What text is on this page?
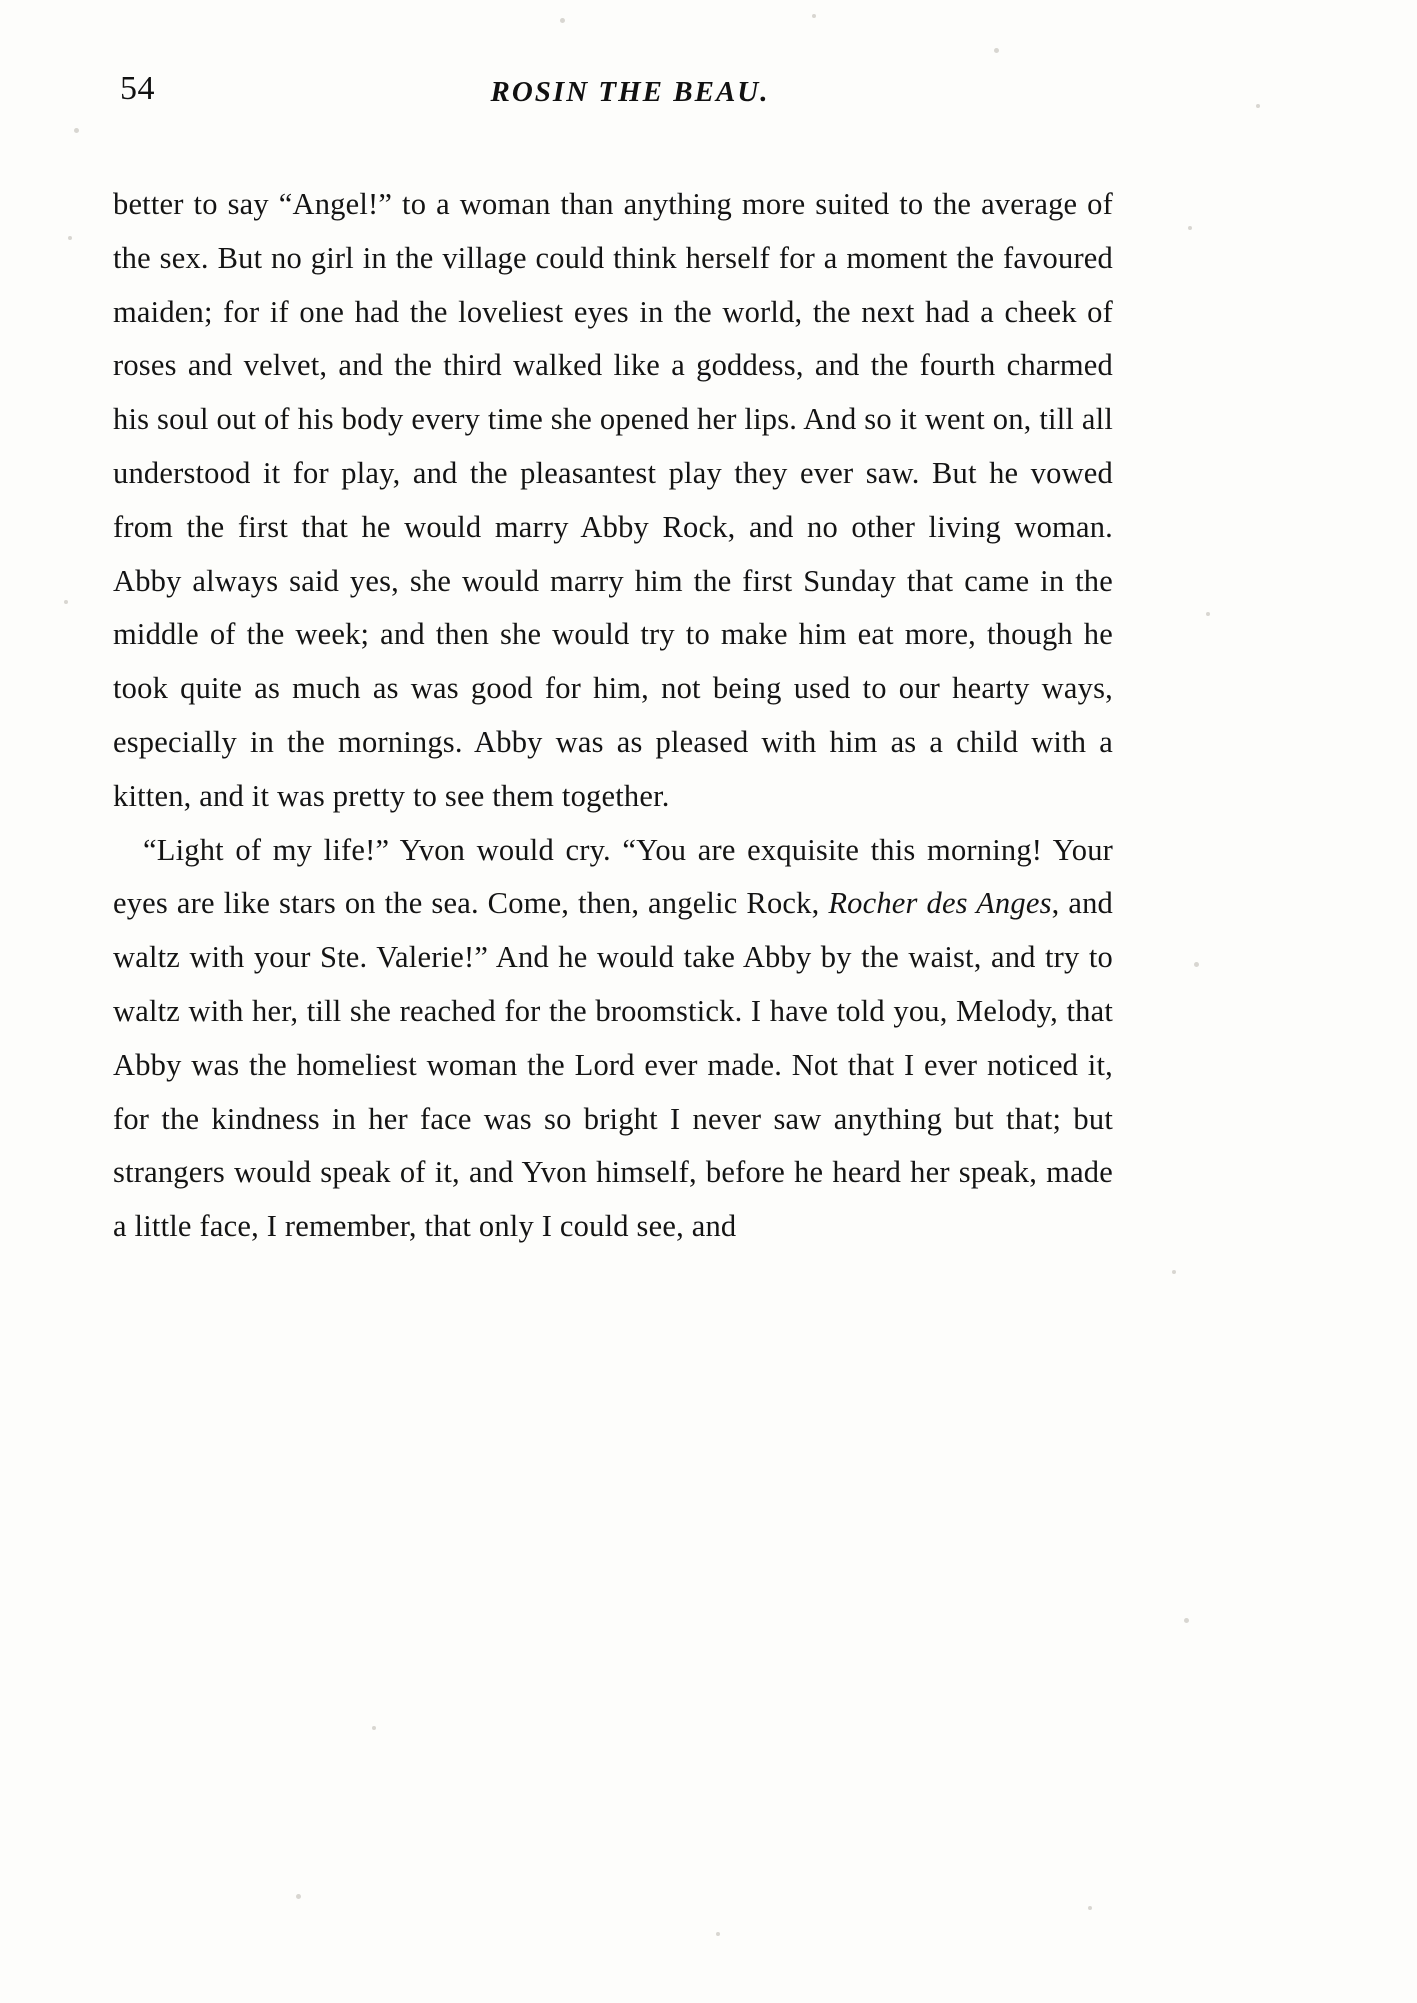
54	ROSIN THE BEAU.

better to say “Angel!” to a woman than anything more suited to the average of the sex. But no girl in the village could think herself for a moment the favoured maiden; for if one had the loveliest eyes in the world, the next had a cheek of roses and velvet, and the third walked like a goddess, and the fourth charmed his soul out of his body every time she opened her lips. And so it went on, till all understood it for play, and the pleasantest play they ever saw. But he vowed from the first that he would marry Abby Rock, and no other living woman. Abby always said yes, she would marry him the first Sunday that came in the middle of the week; and then she would try to make him eat more, though he took quite as much as was good for him, not being used to our hearty ways, especially in the mornings. Abby was as pleased with him as a child with a kitten, and it was pretty to see them together.

“Light of my life!” Yvon would cry. “You are exquisite this morning! Your eyes are like stars on the sea. Come, then, angelic Rock, Rocher des Anges, and waltz with your Ste. Valerie!” And he would take Abby by the waist, and try to waltz with her, till she reached for the broomstick. I have told you, Melody, that Abby was the homeliest woman the Lord ever made. Not that I ever noticed it, for the kindness in her face was so bright I never saw anything but that; but strangers would speak of it, and Yvon himself, before he heard her speak, made a little face, I remember, that only I could see, and
